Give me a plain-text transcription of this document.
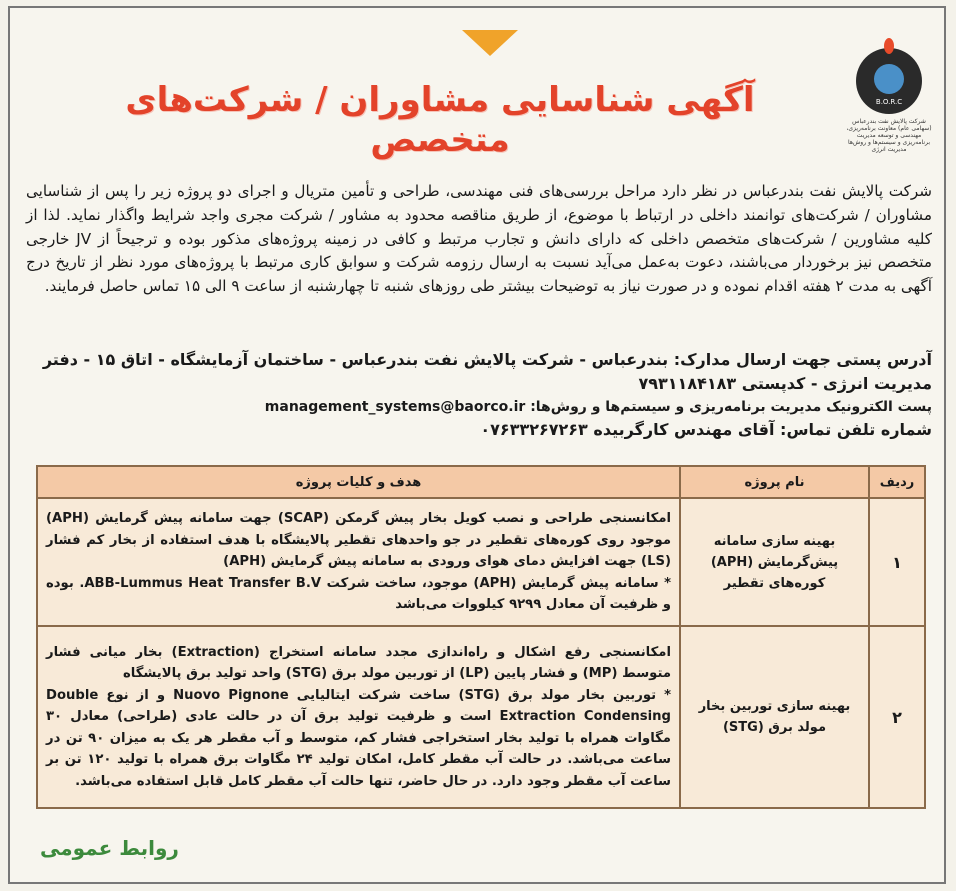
آگهی شناسایی مشاوران / شرکت‌های متخصص
B.O.R.C
شرکت پالایش نفت بندرعباس (سهامی عام) معاونت برنامه‌ریزی، مهندسی و توسعه مدیریت برنامه‌ریزی و سیستم‌ها و روش‌ها مدیریت انرژی
شرکت پالایش نفت بندرعباس در نظر دارد مراحل بررسی‌های فنی مهندسی، طراحی و تأمین متریال و اجرای دو پروژه زیر را پس از شناسایی مشاوران / شرکت‌های توانمند داخلی در ارتباط با موضوع، از طریق مناقصه محدود به مشاور / شرکت مجری واجد شرایط واگذار نماید. لذا از کلیه مشاورین / شرکت‌های متخصص داخلی که دارای دانش و تجارب مرتبط و کافی در زمینه پروژه‌های مذکور بوده و ترجیحاً از JV خارجی متخصص نیز برخوردار می‌باشند، دعوت به‌عمل می‌آید نسبت به ارسال رزومه شرکت و سوابق کاری مرتبط با پروژه‌های مورد نظر از تاریخ درج آگهی به مدت ۲ هفته اقدام نموده و در صورت نیاز به توضیحات بیشتر طی روزهای شنبه تا چهارشنبه از ساعت ۹ الی ۱۵ تماس حاصل فرمایند.
آدرس پستی جهت ارسال مدارک: بندرعباس - شرکت پالایش نفت بندرعباس - ساختمان آزمایشگاه - اتاق ۱۵ - دفتر مدیریت انرژی - کدپستی ۷۹۳۱۱۸۴۱۸۳
پست الکترونیک مدیریت برنامه‌ریزی و سیستم‌ها و روش‌ها: management_systems@baorco.ir
شماره تلفن تماس: آقای مهندس کارگربیده ۰۷۶۳۳۲۶۷۲۶۳
ردیف	نام پروژه	هدف و کلیات پروژه
۱	بهینه سازی سامانه پیش‌گرمایش (APH) کوره‌های تقطیر	امکانسنجی طراحی و نصب کویل بخار پیش گرمکن (SCAP) جهت سامانه پیش گرمایش (APH) موجود روی کوره‌های تقطیر در جو واحدهای تقطیر پالایشگاه با هدف استفاده از بخار کم فشار (LS) جهت افزایش دمای هوای ورودی به سامانه پیش گرمایش (APH)

* سامانه پیش گرمایش (APH) موجود، ساخت شرکت ABB-Lummus Heat Transfer B.V. بوده و ظرفیت آن معادل ۹۲۹۹ کیلووات می‌باشد

۲	بهینه سازی توربین بخار مولد برق (STG)	امکانسنجی رفع اشکال و راه‌اندازی مجدد سامانه استخراج (Extraction) بخار میانی فشار متوسط (MP) و فشار پایین (LP) از توربین مولد برق (STG) واحد تولید برق پالایشگاه

* توربین بخار مولد برق (STG) ساخت شرکت ایتالیایی Nuovo Pignone و از نوع Double Extraction Condensing است و ظرفیت تولید برق آن در حالت عادی (طراحی) معادل ۳۰ مگاوات همراه با تولید بخار استخراجی فشار کم، متوسط و آب مقطر هر یک به میزان ۹۰ تن در ساعت می‌باشد. در حالت آب مقطر کامل، امکان تولید ۲۴ مگاوات برق همراه با تولید ۱۲۰ تن بر ساعت آب مقطر وجود دارد. در حال حاضر، تنها حالت آب مقطر کامل قابل استفاده می‌باشد.

روابط عمومی
